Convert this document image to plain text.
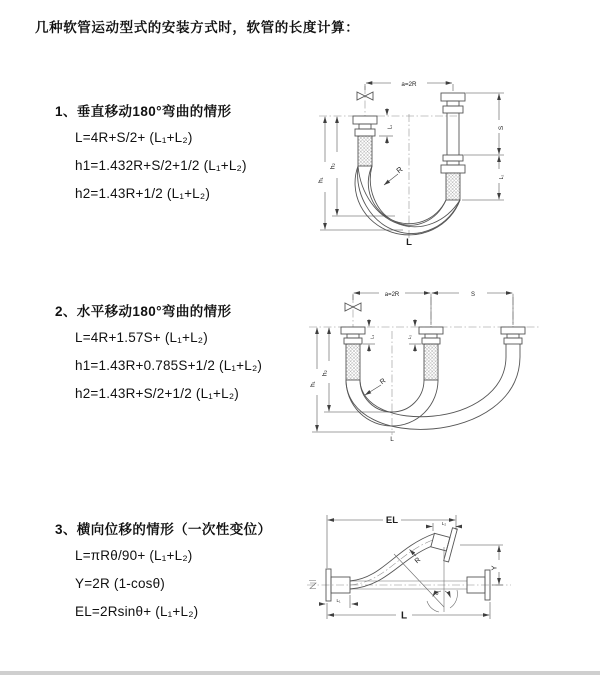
几种软管运动型式的安装方式时，软管的长度计算：
1、垂直移动180°弯曲的情形
L=4R+S/2+ (L₁+L₂)
h1=1.432R+S/2+1/2 (L₁+L₂)
h2=1.43R+1/2 (L₁+L₂)
2、水平移动180°弯曲的情形
L=4R+1.57S+ (L₁+L₂)
h1=1.43R+0.785S+1/2 (L₁+L₂)
h2=1.43R+S/2+1/2 (L₁+L₂)
3、横向位移的情形（一次性变位）
L=πRθ/90+ (L₁+L₂)
Y=2R (1-cosθ)
EL=2Rsinθ+ (L₁+L₂)
a=2R
h₁
h₂
S
L₂
L₁
R
L
a=2R	S
h₁
h₂
L₁	L₂
R
L
EL	L₂
Y
R
θ
L
L₁
